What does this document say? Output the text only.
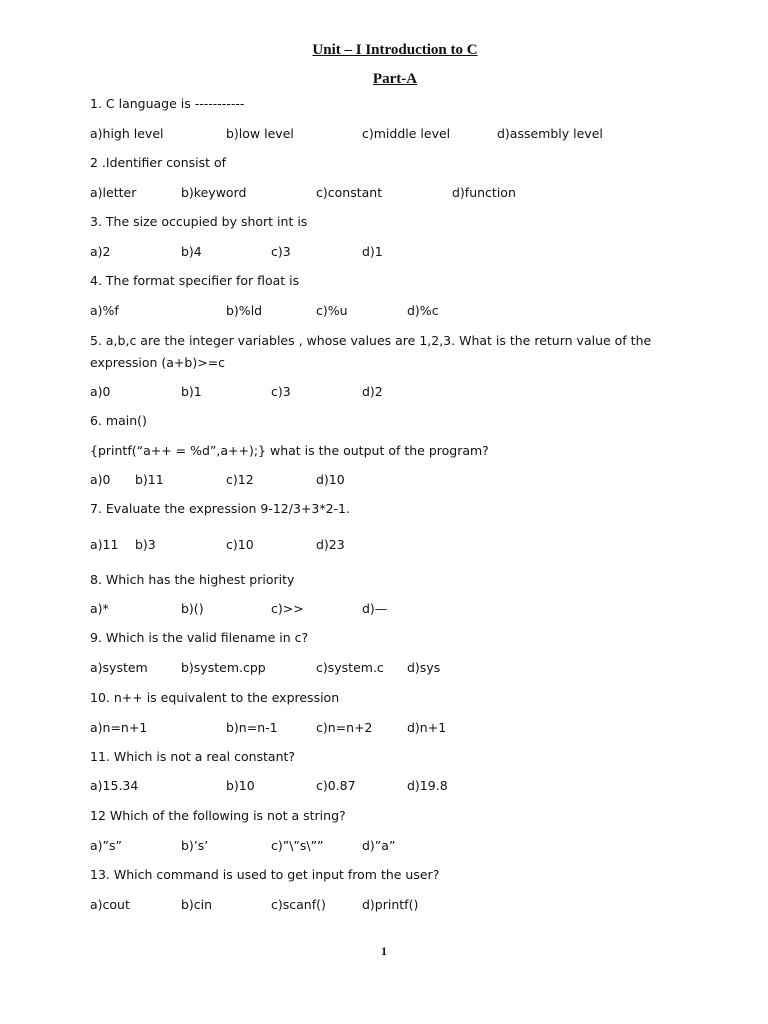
Unit – I Introduction to C
Part-A
1. C language is -----------
a)high level	b)low level	c)middle level	d)assembly level
2 .Identifier consist of
a)letter	b)keyword	c)constant	d)function
3. The size occupied by short int is
a)2	b)4	c)3	d)1
4. The format specifier for float is
a)%f	b)%ld	c)%u	d)%c
5. a,b,c are the integer variables , whose values are 1,2,3. What is the return value of the
expression (a+b)>=c
a)0	b)1	c)3	d)2
6. main()
{printf(“a++ = %d”,a++);} what is the output of the program?
a)0 b)11	c)12	d)10
7. Evaluate the expression 9-12/3+3*2-1.
a)11 b)3	c)10	d)23
8. Which has the highest priority
a)*	b)()	c)>>	d)—
9. Which is the valid filename in c?
a)system	b)system.cpp	c)system.c d)sys
10. n++ is equivalent to the expression
a)n=n+1	b)n=n-1	c)n=n+2	d)n+1
11. Which is not a real constant?
a)15.34	b)10	c)0.87	d)19.8
12 Which of the following is not a string?
a)”s”	b)’s’	c)”\”s\””	d)”a”
13. Which command is used to get input from the user?
a)cout	b)cin	c)scanf()	d)printf()
1
